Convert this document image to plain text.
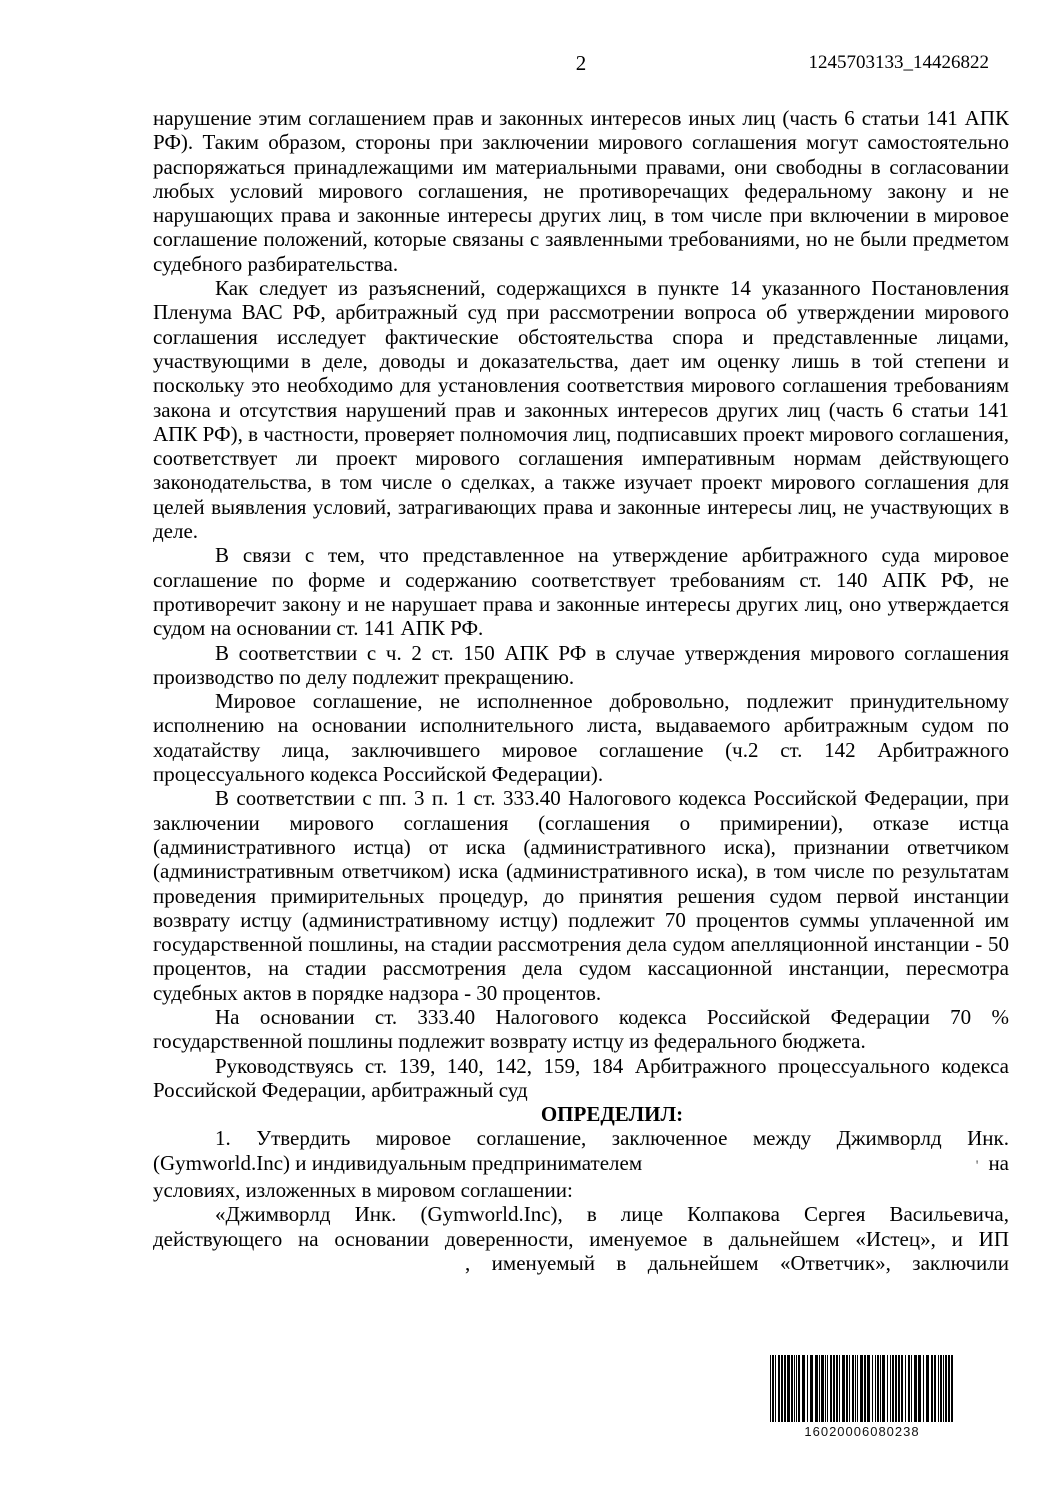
2	1245703133_14426822

нарушение этим соглашением прав и законных интересов иных лиц (часть 6 статьи 141 АПК РФ). Таким образом, стороны при заключении мирового соглашения могут самостоятельно распоряжаться принадлежащими им материальными правами, они свободны в согласовании любых условий мирового соглашения, не противоречащих федеральному закону и не нарушающих права и законные интересы других лиц, в том числе при включении в мировое соглашение положений, которые связаны с заявленными требованиями, но не были предметом судебного разбирательства.

Как следует из разъяснений, содержащихся в пункте 14 указанного Постановления Пленума ВАС РФ, арбитражный суд при рассмотрении вопроса об утверждении мирового соглашения исследует фактические обстоятельства спора и представленные лицами, участвующими в деле, доводы и доказательства, дает им оценку лишь в той степени и поскольку это необходимо для установления соответствия мирового соглашения требованиям закона и отсутствия нарушений прав и законных интересов других лиц (часть 6 статьи 141 АПК РФ), в частности, проверяет полномочия лиц, подписавших проект мирового соглашения, соответствует ли проект мирового соглашения императивным нормам действующего законодательства, в том числе о сделках, а также изучает проект мирового соглашения для целей выявления условий, затрагивающих права и законные интересы лиц, не участвующих в деле.

В связи с тем, что представленное на утверждение арбитражного суда мировое соглашение по форме и содержанию соответствует требованиям ст. 140 АПК РФ, не противоречит закону и не нарушает права и законные интересы других лиц, оно утверждается судом на основании ст. 141 АПК РФ.

В соответствии с ч. 2 ст. 150 АПК РФ в случае утверждения мирового соглашения производство по делу подлежит прекращению.

Мировое соглашение, не исполненное добровольно, подлежит принудительному исполнению на основании исполнительного листа, выдаваемого арбитражным судом по ходатайству лица, заключившего мировое соглашение (ч.2 ст. 142 Арбитражного процессуального кодекса Российской Федерации).

В соответствии с пп. 3 п. 1 ст. 333.40 Налогового кодекса Российской Федерации, при заключении мирового соглашения (соглашения о примирении), отказе истца (административного истца) от иска (административного иска), признании ответчиком (административным ответчиком) иска (административного иска), в том числе по результатам проведения примирительных процедур, до принятия решения судом первой инстанции возврату истцу (административному истцу) подлежит 70 процентов суммы уплаченной им государственной пошлины, на стадии рассмотрения дела судом апелляционной инстанции - 50 процентов, на стадии рассмотрения дела судом кассационной инстанции, пересмотра судебных актов в порядке надзора - 30 процентов.

На основании ст. 333.40 Налогового кодекса Российской Федерации 70 % государственной пошлины подлежит возврату истцу из федерального бюджета.

Руководствуясь ст. 139, 140, 142, 159, 184 Арбитражного процессуального кодекса Российской Федерации, арбитражный суд

ОПРЕДЕЛИЛ:

1. Утвердить мировое соглашение, заключенное между Джимворлд Инк.
(Gymworld.Inc) и индивидуальным предпринимателем	' на
условиях, изложенных в мировом соглашении:
«Джимворлд Инк. (Gymworld.Inc), в лице Колпакова Сергея Васильевича,
действующего на основании доверенности, именуемое в дальнейшем «Истец», и ИП
, именуемый в дальнейшем «Ответчик», заключили
16020006080238
